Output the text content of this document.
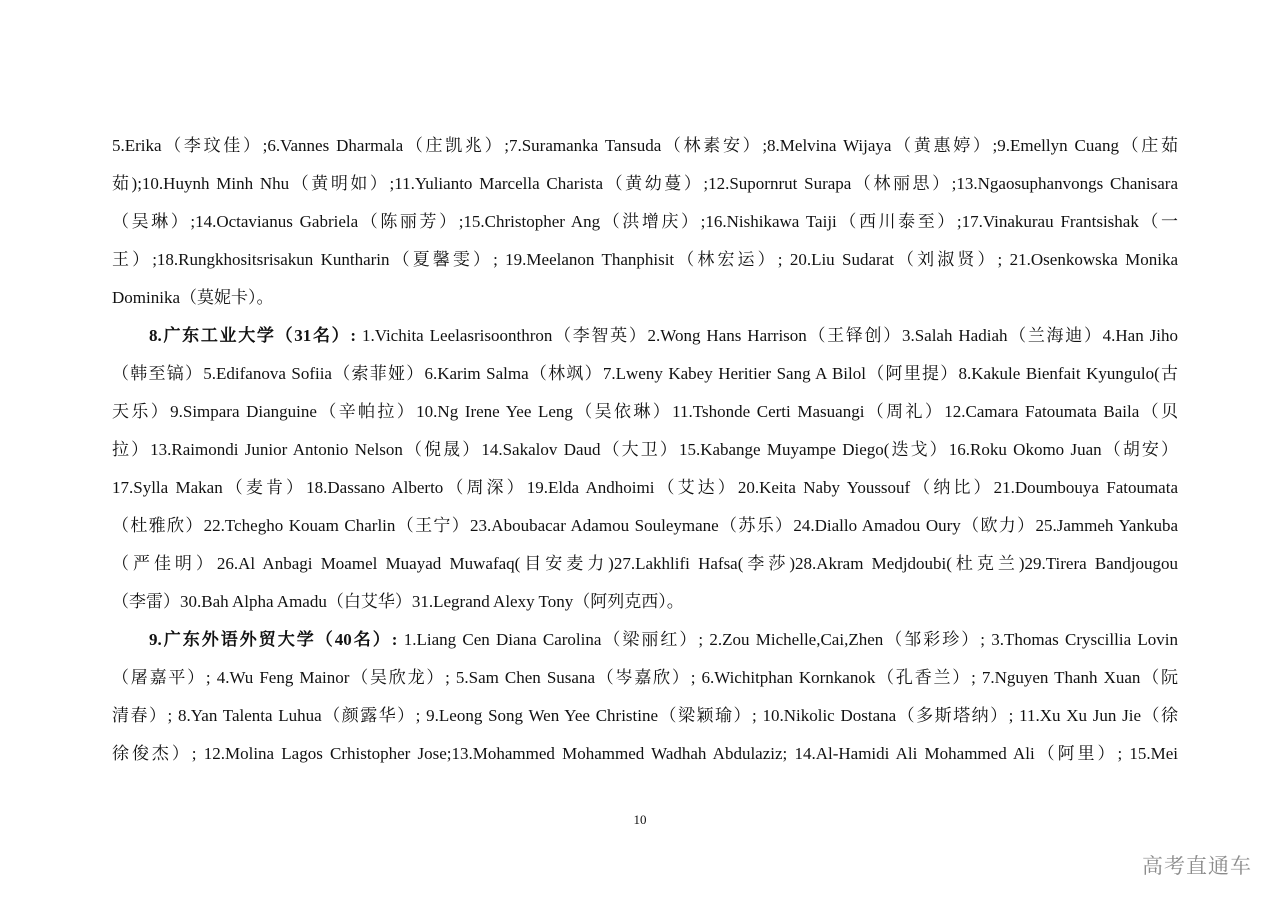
5.Erika（李玟佳）;6.Vannes Dharmala（庄凯兆）;7.Suramanka Tansuda（林素安）;8.Melvina Wijaya（黄惠婷）;9.Emellyn Cuang（庄茹
茹);10.Huynh Minh Nhu（黄明如）;11.Yulianto Marcella Charista（黄幼蔓）;12.Supornrut Surapa（林丽思）;13.Ngaosuphanvongs Chanisara
（吴琳）;14.Octavianus Gabriela（陈丽芳）;15.Christopher Ang（洪增庆）;16.Nishikawa Taiji（西川泰至）;17.Vinakurau Frantsishak（一
王）;18.Rungkhositsrisakun Kuntharin（夏馨雯）; 19.Meelanon Thanphisit（林宏运）; 20.Liu Sudarat（刘淑贤）; 21.Osenkowska Monika
Dominika（莫妮卡）。
8.广东工业大学（31名）: 1.Vichita Leelasrisoonthron（李智英）2.Wong Hans Harrison（王铎创）3.Salah Hadiah（兰海迪）4.Han Jiho
（韩至镐）5.Edifanova Sofiia（索菲娅）6.Karim Salma（林飒）7.Lweny Kabey Heritier Sang A Bilol（阿里提）8.Kakule Bienfait Kyungulo(古
天乐）9.Simpara Dianguine（辛帕拉）10.Ng Irene Yee Leng（吴依琳）11.Tshonde Certi Masuangi（周礼）12.Camara Fatoumata Baila（贝
拉）13.Raimondi Junior Antonio Nelson（倪晟）14.Sakalov Daud（大卫）15.Kabange Muyampe Diego(迭戈）16.Roku Okomo Juan（胡安）
17.Sylla Makan（麦肯）18.Dassano Alberto（周深）19.Elda Andhoimi（艾达）20.Keita Naby Youssouf（纳比）21.Doumbouya Fatoumata
（杜雅欣）22.Tchegho Kouam Charlin（王宁）23.Aboubacar Adamou Souleymane（苏乐）24.Diallo Amadou Oury（欧力）25.Jammeh Yankuba
（严佳明）26.Al Anbagi Moamel Muayad Muwafaq(目安麦力)27.Lakhlifi Hafsa(李莎)28.Akram Medjdoubi(杜克兰)29.Tirera Bandjougou
（李雷）30.Bah Alpha Amadu（白艾华）31.Legrand Alexy Tony（阿列克西）。
9.广东外语外贸大学（40名）: 1.Liang Cen Diana Carolina（梁丽红）; 2.Zou Michelle,Cai,Zhen（邹彩珍）; 3.Thomas Cryscillia Lovin
（屠嘉平）; 4.Wu Feng Mainor（吴欣龙）; 5.Sam Chen Susana（岑嘉欣）; 6.Wichitphan Kornkanok（孔香兰）; 7.Nguyen Thanh Xuan（阮
清春）; 8.Yan Talenta Luhua（颜露华）; 9.Leong Song Wen Yee Christine（梁颖瑜）; 10.Nikolic Dostana（多斯塔纳）; 11.Xu Xu Jun Jie（徐
徐俊杰）; 12.Molina Lagos Crhistopher Jose;13.Mohammed Mohammed Wadhah Abdulaziz; 14.Al-Hamidi Ali Mohammed Ali（阿里）; 15.Mei
10
高考直通车
